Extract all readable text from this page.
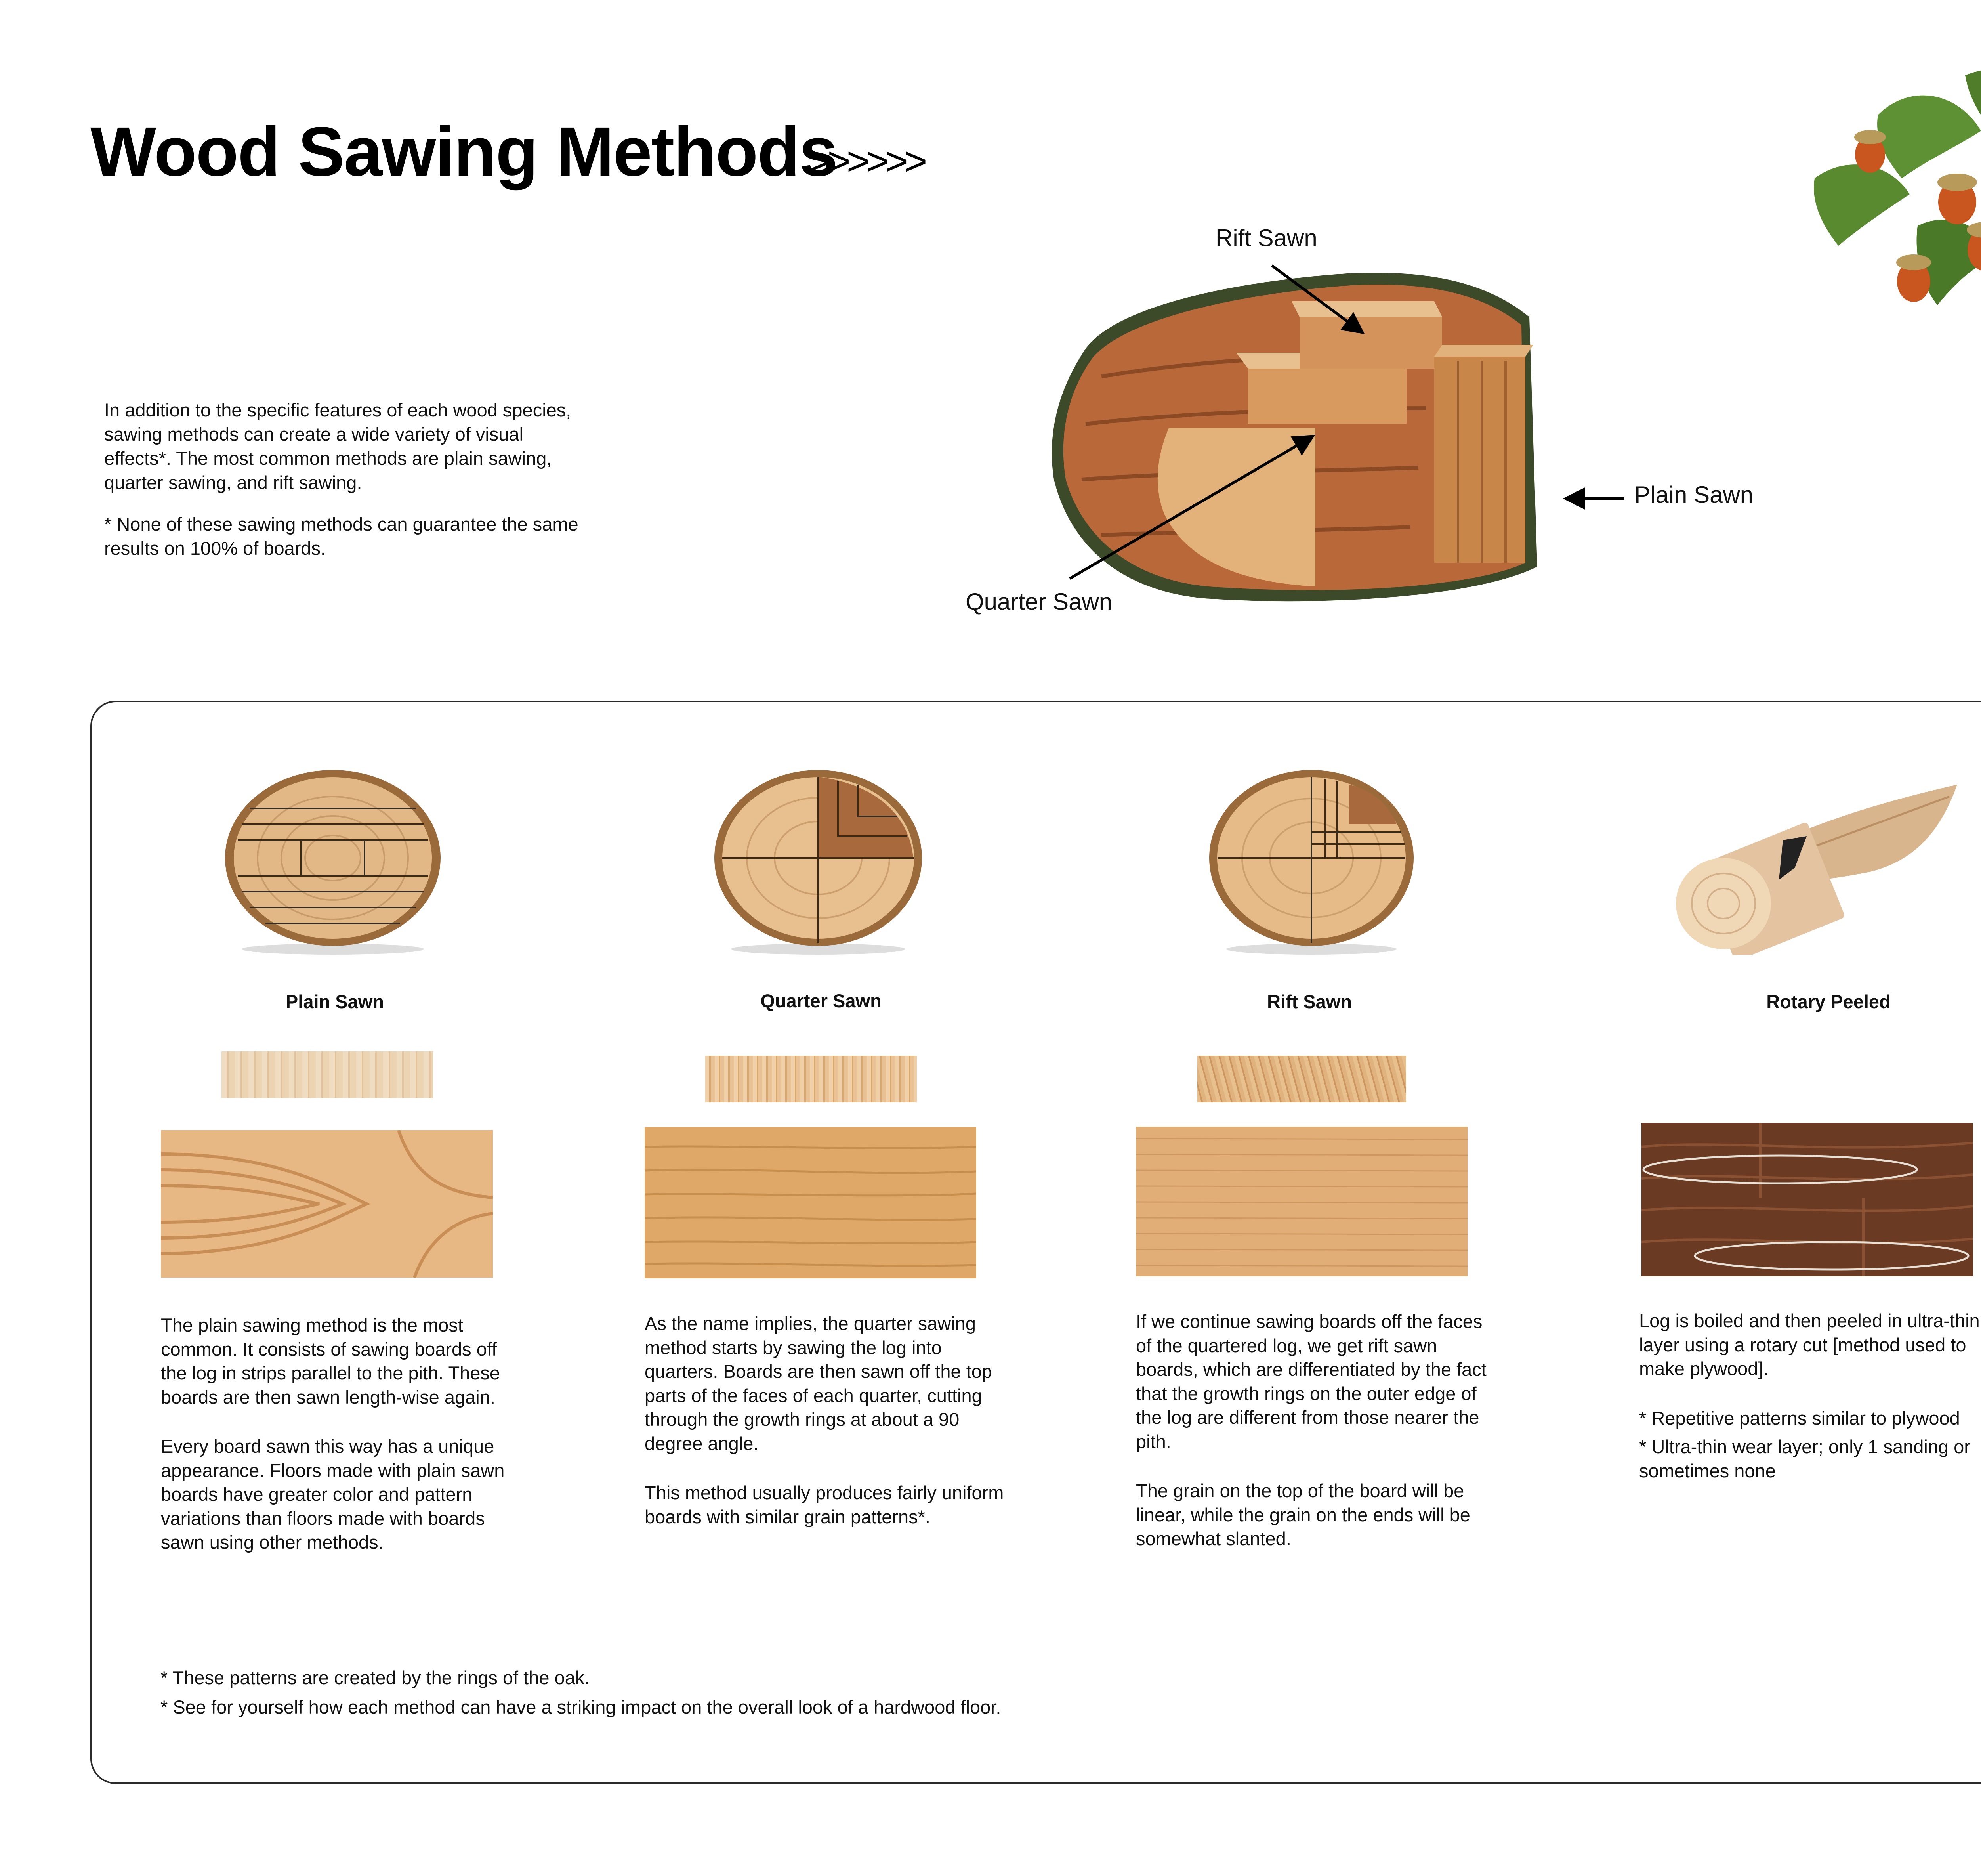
Wood Sawing Methods
>>>>>>
In addition to the specific features of each wood species, sawing methods can create a wide variety of visual effects*. The most common methods are plain sawing, quarter sawing, and rift sawing.
* None of these sawing methods can guarantee the same results on 100% of boards.
Rift Sawn
Plain Sawn
Quarter Sawn
Plain Sawn

The plain sawing method is the most common. It consists of sawing boards off the log in strips parallel to the pith. These boards are then sawn length-wise again.

Every board sawn this way has a unique appearance. Floors made with plain sawn boards have greater color and pattern variations than floors made with boards sawn using other methods.

Quarter Sawn

As the name implies, the quarter sawing method starts by sawing the log into quarters. Boards are then sawn off the top parts of the faces of each quarter, cutting through the growth rings at about a 90 degree angle.

This method usually produces fairly uniform boards with similar grain patterns*.

Rift Sawn

If we continue sawing boards off the faces of the quartered log, we get rift sawn boards, which are differentiated by the fact that the growth rings on the outer edge of the log are different from those nearer the pith.

The grain on the top of the board will be linear, while the grain on the ends will be somewhat slanted.

Rotary Peeled

Log is boiled and then peeled in ultra-thin layer using a rotary cut [method used to make plywood].

* Repetitive patterns similar to plywood

* Ultra-thin wear layer; only 1 sanding or sometimes none

* These patterns are created by the rings of the oak.
* See for yourself how each method can have a striking impact on the overall look of a hardwood floor.
